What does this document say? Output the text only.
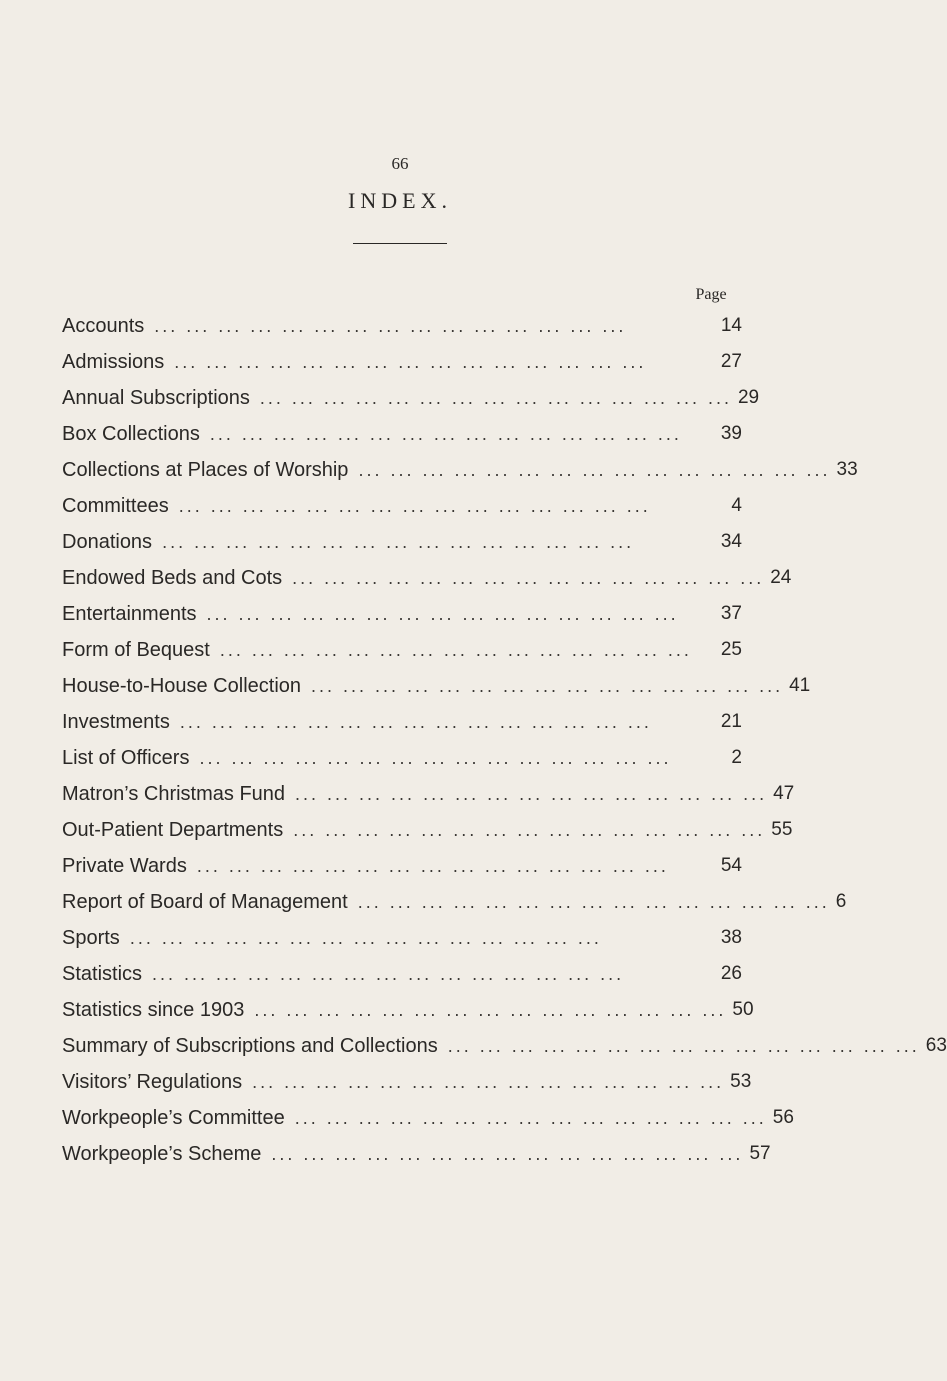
66
INDEX.
Page
Accounts ... ... ... ... ... ... ... ... ... ... ... ... ... ... ...	14
Admissions ... ... ... ... ... ... ... ... ... ... ... ... ... ... ...	27
Annual Subscriptions ... ... ... ... ... ... ... ... ... ... ... ... ... ... ... 29
Box Collections ... ... ... ... ... ... ... ... ... ... ... ... ... ... ...	39
Collections at Places of Worship ... ... ... ... ... ... ... ... ... ... ... ... ... ... ... 33
Committees ... ... ... ... ... ... ... ... ... ... ... ... ... ... ...	4
Donations ... ... ... ... ... ... ... ... ... ... ... ... ... ... ...	34
Endowed Beds and Cots ... ... ... ... ... ... ... ... ... ... ... ... ... ... ... 24
Entertainments ... ... ... ... ... ... ... ... ... ... ... ... ... ... ...	37
Form of Bequest ... ... ... ... ... ... ... ... ... ... ... ... ... ... ...	25
House-to-House Collection ... ... ... ... ... ... ... ... ... ... ... ... ... ... ... 41
Investments ... ... ... ... ... ... ... ... ... ... ... ... ... ... ...	21
List of Officers ... ... ... ... ... ... ... ... ... ... ... ... ... ... ...	2
Matron’s Christmas Fund ... ... ... ... ... ... ... ... ... ... ... ... ... ... ... 47
Out-Patient Departments ... ... ... ... ... ... ... ... ... ... ... ... ... ... ... 55
Private Wards ... ... ... ... ... ... ... ... ... ... ... ... ... ... ...	54
Report of Board of Management ... ... ... ... ... ... ... ... ... ... ... ... ... ... ... 6
Sports ... ... ... ... ... ... ... ... ... ... ... ... ... ... ...	38
Statistics ... ... ... ... ... ... ... ... ... ... ... ... ... ... ...	26
Statistics since 1903 ... ... ... ... ... ... ... ... ... ... ... ... ... ... ... 50
Summary of Subscriptions and Collections ... ... ... ... ... ... ... ... ... ... ... ... ... ... ... 63
Visitors’ Regulations ... ... ... ... ... ... ... ... ... ... ... ... ... ... ... 53
Workpeople’s Committee ... ... ... ... ... ... ... ... ... ... ... ... ... ... ... 56
Workpeople’s Scheme ... ... ... ... ... ... ... ... ... ... ... ... ... ... ... 57
